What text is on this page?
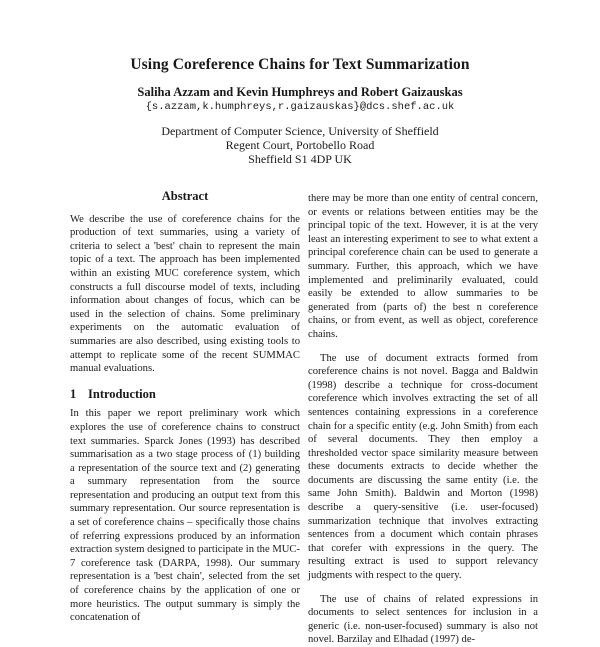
Using Coreference Chains for Text Summarization
Saliha Azzam and Kevin Humphreys and Robert Gaizauskas
{s.azzam,k.humphreys,r.gaizauskas}@dcs.shef.ac.uk
Department of Computer Science, University of Sheffield
Regent Court, Portobello Road
Sheffield S1 4DP UK
Abstract

We describe the use of coreference chains for the production of text summaries, using a variety of criteria to select a 'best' chain to represent the main topic of a text. The approach has been implemented within an existing MUC coreference system, which constructs a full discourse model of texts, including information about changes of focus, which can be used in the selection of chains. Some preliminary experiments on the automatic evaluation of summaries are also described, using existing tools to attempt to replicate some of the recent SUMMAC manual evaluations.

1 Introduction

In this paper we report preliminary work which explores the use of coreference chains to construct text summaries. Sparck Jones (1993) has described summarisation as a two stage process of (1) building a representation of the source text and (2) generating a summary representation from the source representation and producing an output text from this summary representation. Our source representation is a set of coreference chains – specifically those chains of referring expressions produced by an information extraction system designed to participate in the MUC-7 coreference task (DARPA, 1998). Our summary representation is a 'best chain', selected from the set of coreference chains by the application of one or more heuristics. The output summary is simply the concatenation of

there may be more than one entity of central concern, or events or relations between entities may be the principal topic of the text. However, it is at the very least an interesting experiment to see to what extent a principal coreference chain can be used to generate a summary. Further, this approach, which we have implemented and preliminarily evaluated, could easily be extended to allow summaries to be generated from (parts of) the best n coreference chains, or from event, as well as object, coreference chains.

The use of document extracts formed from coreference chains is not novel. Bagga and Baldwin (1998) describe a technique for cross-document coreference which involves extracting the set of all sentences containing expressions in a coreference chain for a specific entity (e.g. John Smith) from each of several documents. They then employ a thresholded vector space similarity measure between these documents extracts to decide whether the documents are discussing the same entity (i.e. the same John Smith). Baldwin and Morton (1998) describe a query-sensitive (i.e. user-focused) summarization technique that involves extracting sentences from a document which contain phrases that corefer with expressions in the query. The resulting extract is used to support relevancy judgments with respect to the query.

The use of chains of related expressions in documents to select sentences for inclusion in a generic (i.e. non-user-focused) summary is also not novel. Barzilay and Elhadad (1997) de-
